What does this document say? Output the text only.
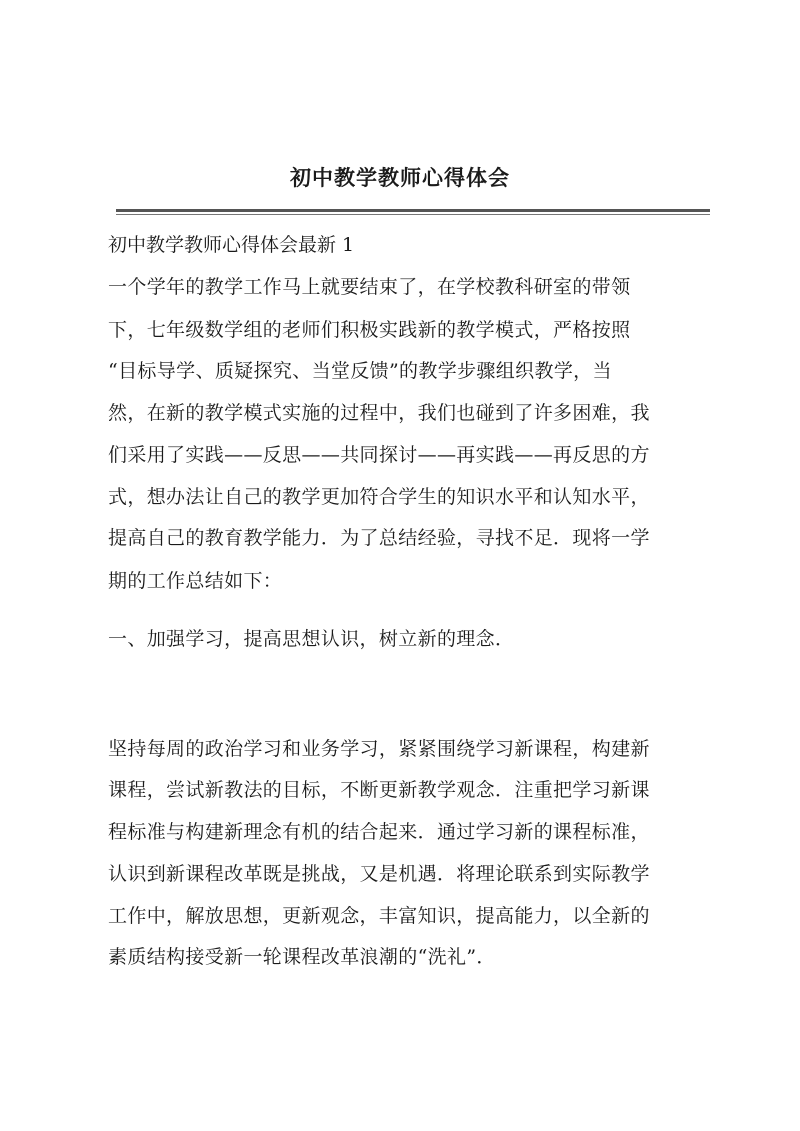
初中教学教师心得体会
初中教学教师心得体会最新 1
一个学年的教学工作马上就要结束了，在学校教科研室的带领
下，七年级数学组的老师们积极实践新的教学模式，严格按照
“目标导学、质疑探究、当堂反馈”的教学步骤组织教学，当
然，在新的教学模式实施的过程中，我们也碰到了许多困难，我
们采用了实践——反思——共同探讨——再实践——再反思的方
式，想办法让自己的教学更加符合学生的知识水平和认知水平，
提高自己的教育教学能力．为了总结经验，寻找不足．现将一学
期的工作总结如下：
一、加强学习，提高思想认识，树立新的理念．
坚持每周的政治学习和业务学习，紧紧围绕学习新课程，构建新
课程，尝试新教法的目标，不断更新教学观念．注重把学习新课
程标准与构建新理念有机的结合起来．通过学习新的课程标准，
认识到新课程改革既是挑战，又是机遇．将理论联系到实际教学
工作中，解放思想，更新观念，丰富知识，提高能力，以全新的
素质结构接受新一轮课程改革浪潮的“洗礼”．
